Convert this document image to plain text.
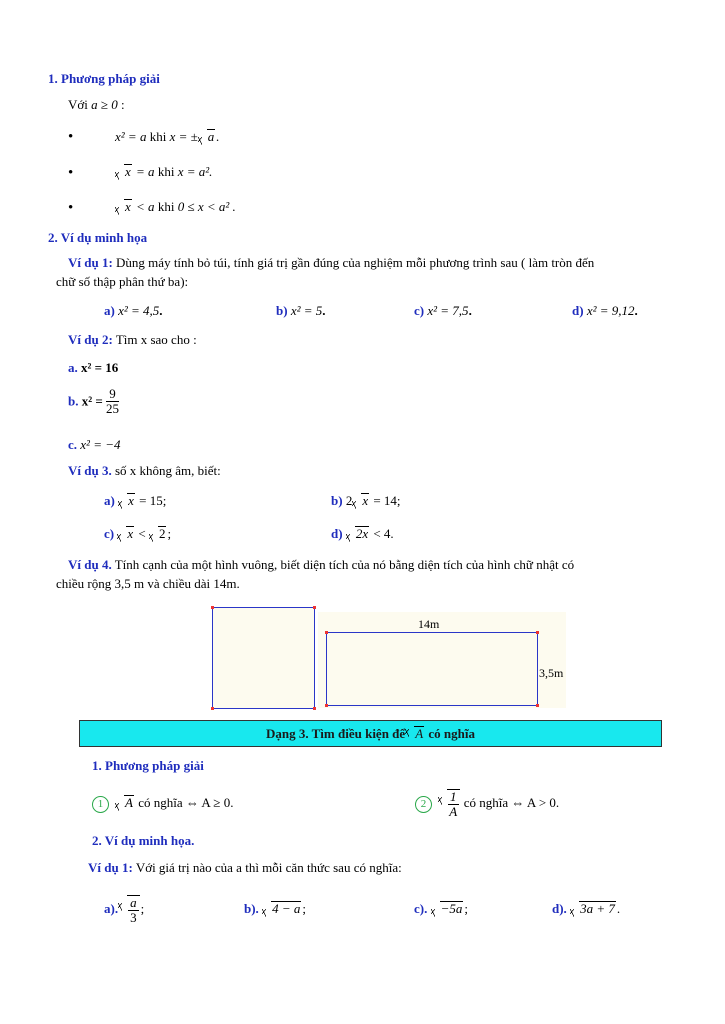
1. Phương pháp giải
Với a ≥ 0 :
•	x² = a khi x = ± a .
•	x = a khi x = a².
•	x < a khi 0 ≤ x < a² .
2. Ví dụ minh họa
Ví dụ 1: Dùng máy tính bỏ túi, tính giá trị gần đúng của nghiệm mỗi phương trình sau ( làm tròn đến
chữ số thập phân thứ ba):
a) x² = 4,5.	b) x² = 5.	c) x² = 7,5.	d) x² = 9,12.
Ví dụ 2: Tìm x sao cho :
a. x² = 16
b. $x^2 = \frac{9}{25}$
c. x² = −4
Ví dụ 3. số x không âm, biết:
a) x = 15;	b) 2 x = 14;
c) x < 2 ;	d) 2x < 4.
Ví dụ 4. Tính cạnh của một hình vuông, biết diện tích của nó bằng diện tích của hình chữ nhật có
chiều rộng 3,5 m và chiều dài 14m.
14m
3,5m
Dạng 3. Tìm điều kiện để A có nghĩa
1. Phương pháp giải
1 A có nghĩa ⇔ A ≥ 0.	$2 \frac{1}{A}$ có nghĩa ⇔ A > 0.
2. Ví dụ minh họa.
Ví dụ 1: Với giá trị nào của a thì mỗi căn thức sau có nghĩa:
a). $\frac{a}{3}$ ;	b). 4 − a ;	c). −5a ;	d). 3a + 7 .
